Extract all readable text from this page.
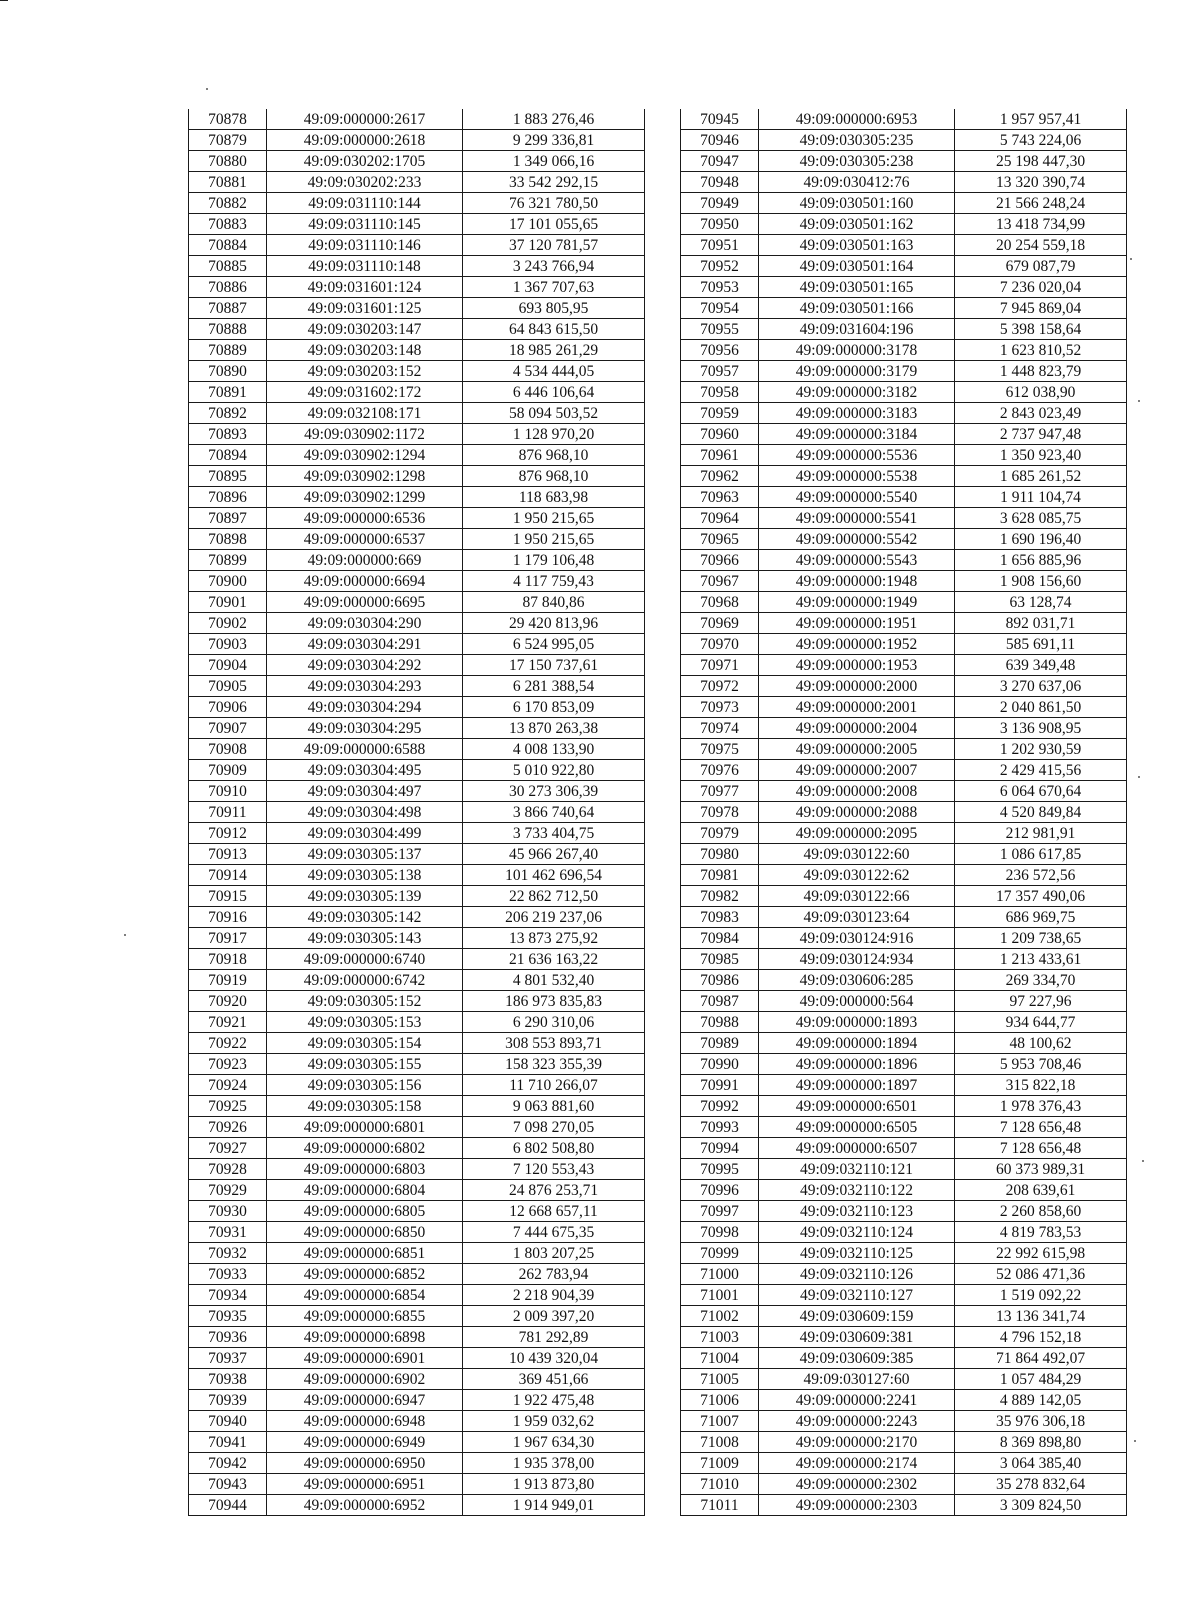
70878	49:09:000000:2617	1 883 276,46
70879	49:09:000000:2618	9 299 336,81
70880	49:09:030202:1705	1 349 066,16
70881	49:09:030202:233	33 542 292,15
70882	49:09:031110:144	76 321 780,50
70883	49:09:031110:145	17 101 055,65
70884	49:09:031110:146	37 120 781,57
70885	49:09:031110:148	3 243 766,94
70886	49:09:031601:124	1 367 707,63
70887	49:09:031601:125	693 805,95
70888	49:09:030203:147	64 843 615,50
70889	49:09:030203:148	18 985 261,29
70890	49:09:030203:152	4 534 444,05
70891	49:09:031602:172	6 446 106,64
70892	49:09:032108:171	58 094 503,52
70893	49:09:030902:1172	1 128 970,20
70894	49:09:030902:1294	876 968,10
70895	49:09:030902:1298	876 968,10
70896	49:09:030902:1299	118 683,98
70897	49:09:000000:6536	1 950 215,65
70898	49:09:000000:6537	1 950 215,65
70899	49:09:000000:669	1 179 106,48
70900	49:09:000000:6694	4 117 759,43
70901	49:09:000000:6695	87 840,86
70902	49:09:030304:290	29 420 813,96
70903	49:09:030304:291	6 524 995,05
70904	49:09:030304:292	17 150 737,61
70905	49:09:030304:293	6 281 388,54
70906	49:09:030304:294	6 170 853,09
70907	49:09:030304:295	13 870 263,38
70908	49:09:000000:6588	4 008 133,90
70909	49:09:030304:495	5 010 922,80
70910	49:09:030304:497	30 273 306,39
70911	49:09:030304:498	3 866 740,64
70912	49:09:030304:499	3 733 404,75
70913	49:09:030305:137	45 966 267,40
70914	49:09:030305:138	101 462 696,54
70915	49:09:030305:139	22 862 712,50
70916	49:09:030305:142	206 219 237,06
70917	49:09:030305:143	13 873 275,92
70918	49:09:000000:6740	21 636 163,22
70919	49:09:000000:6742	4 801 532,40
70920	49:09:030305:152	186 973 835,83
70921	49:09:030305:153	6 290 310,06
70922	49:09:030305:154	308 553 893,71
70923	49:09:030305:155	158 323 355,39
70924	49:09:030305:156	11 710 266,07
70925	49:09:030305:158	9 063 881,60
70926	49:09:000000:6801	7 098 270,05
70927	49:09:000000:6802	6 802 508,80
70928	49:09:000000:6803	7 120 553,43
70929	49:09:000000:6804	24 876 253,71
70930	49:09:000000:6805	12 668 657,11
70931	49:09:000000:6850	7 444 675,35
70932	49:09:000000:6851	1 803 207,25
70933	49:09:000000:6852	262 783,94
70934	49:09:000000:6854	2 218 904,39
70935	49:09:000000:6855	2 009 397,20
70936	49:09:000000:6898	781 292,89
70937	49:09:000000:6901	10 439 320,04
70938	49:09:000000:6902	369 451,66
70939	49:09:000000:6947	1 922 475,48
70940	49:09:000000:6948	1 959 032,62
70941	49:09:000000:6949	1 967 634,30
70942	49:09:000000:6950	1 935 378,00
70943	49:09:000000:6951	1 913 873,80
70944	49:09:000000:6952	1 914 949,01
70945	49:09:000000:6953	1 957 957,41
70946	49:09:030305:235	5 743 224,06
70947	49:09:030305:238	25 198 447,30
70948	49:09:030412:76	13 320 390,74
70949	49:09:030501:160	21 566 248,24
70950	49:09:030501:162	13 418 734,99
70951	49:09:030501:163	20 254 559,18
70952	49:09:030501:164	679 087,79
70953	49:09:030501:165	7 236 020,04
70954	49:09:030501:166	7 945 869,04
70955	49:09:031604:196	5 398 158,64
70956	49:09:000000:3178	1 623 810,52
70957	49:09:000000:3179	1 448 823,79
70958	49:09:000000:3182	612 038,90
70959	49:09:000000:3183	2 843 023,49
70960	49:09:000000:3184	2 737 947,48
70961	49:09:000000:5536	1 350 923,40
70962	49:09:000000:5538	1 685 261,52
70963	49:09:000000:5540	1 911 104,74
70964	49:09:000000:5541	3 628 085,75
70965	49:09:000000:5542	1 690 196,40
70966	49:09:000000:5543	1 656 885,96
70967	49:09:000000:1948	1 908 156,60
70968	49:09:000000:1949	63 128,74
70969	49:09:000000:1951	892 031,71
70970	49:09:000000:1952	585 691,11
70971	49:09:000000:1953	639 349,48
70972	49:09:000000:2000	3 270 637,06
70973	49:09:000000:2001	2 040 861,50
70974	49:09:000000:2004	3 136 908,95
70975	49:09:000000:2005	1 202 930,59
70976	49:09:000000:2007	2 429 415,56
70977	49:09:000000:2008	6 064 670,64
70978	49:09:000000:2088	4 520 849,84
70979	49:09:000000:2095	212 981,91
70980	49:09:030122:60	1 086 617,85
70981	49:09:030122:62	236 572,56
70982	49:09:030122:66	17 357 490,06
70983	49:09:030123:64	686 969,75
70984	49:09:030124:916	1 209 738,65
70985	49:09:030124:934	1 213 433,61
70986	49:09:030606:285	269 334,70
70987	49:09:000000:564	97 227,96
70988	49:09:000000:1893	934 644,77
70989	49:09:000000:1894	48 100,62
70990	49:09:000000:1896	5 953 708,46
70991	49:09:000000:1897	315 822,18
70992	49:09:000000:6501	1 978 376,43
70993	49:09:000000:6505	7 128 656,48
70994	49:09:000000:6507	7 128 656,48
70995	49:09:032110:121	60 373 989,31
70996	49:09:032110:122	208 639,61
70997	49:09:032110:123	2 260 858,60
70998	49:09:032110:124	4 819 783,53
70999	49:09:032110:125	22 992 615,98
71000	49:09:032110:126	52 086 471,36
71001	49:09:032110:127	1 519 092,22
71002	49:09:030609:159	13 136 341,74
71003	49:09:030609:381	4 796 152,18
71004	49:09:030609:385	71 864 492,07
71005	49:09:030127:60	1 057 484,29
71006	49:09:000000:2241	4 889 142,05
71007	49:09:000000:2243	35 976 306,18
71008	49:09:000000:2170	8 369 898,80
71009	49:09:000000:2174	3 064 385,40
71010	49:09:000000:2302	35 278 832,64
71011	49:09:000000:2303	3 309 824,50
